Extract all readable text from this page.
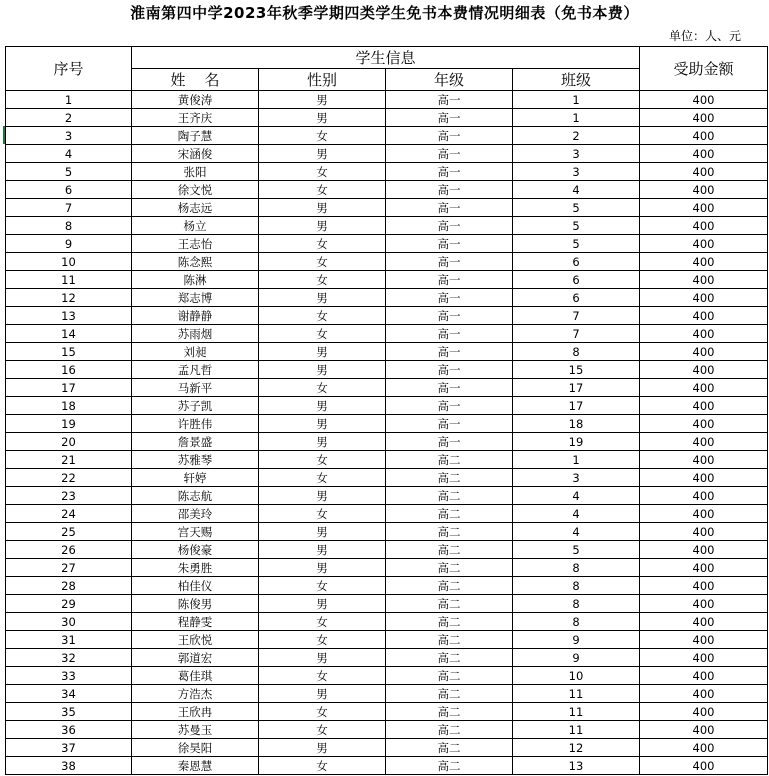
淮南第四中学2023年秋季学期四类学生免书本费情况明细表（免书本费）
单位：人、元
序号	学生信息				受助金额
	姓    名	性别	年级	班级	
1	黄俊涛	男	高一	1	400
2	王齐庆	男	高一	1	400
3	陶子慧	女	高一	2	400
4	宋涵俊	男	高一	3	400
5	张阳	女	高一	3	400
6	徐文悦	女	高一	4	400
7	杨志远	男	高一	5	400
8	杨立	男	高一	5	400
9	王志怡	女	高一	5	400
10	陈念熙	女	高一	6	400
11	陈淋	女	高一	6	400
12	郑志博	男	高一	6	400
13	谢静静	女	高一	7	400
14	苏雨烟	女	高一	7	400
15	刘昶	男	高一	8	400
16	孟凡哲	男	高一	15	400
17	马新平	女	高一	17	400
18	苏子凯	男	高一	17	400
19	许胜伟	男	高一	18	400
20	詹景盛	男	高一	19	400
21	苏雅琴	女	高二	1	400
22	轩婷	女	高二	3	400
23	陈志航	男	高二	4	400
24	邵美玲	女	高二	4	400
25	宫天赐	男	高二	4	400
26	杨俊豪	男	高二	5	400
27	朱勇胜	男	高二	8	400
28	柏佳仪	女	高二	8	400
29	陈俊男	男	高二	8	400
30	程静雯	女	高二	8	400
31	王欣悦	女	高二	9	400
32	郭道宏	男	高二	9	400
33	葛佳琪	女	高二	10	400
34	方浩杰	男	高二	11	400
35	王欣冉	女	高二	11	400
36	苏曼玉	女	高二	11	400
37	徐昊阳	男	高二	12	400
38	秦恩慧	女	高二	13	400
